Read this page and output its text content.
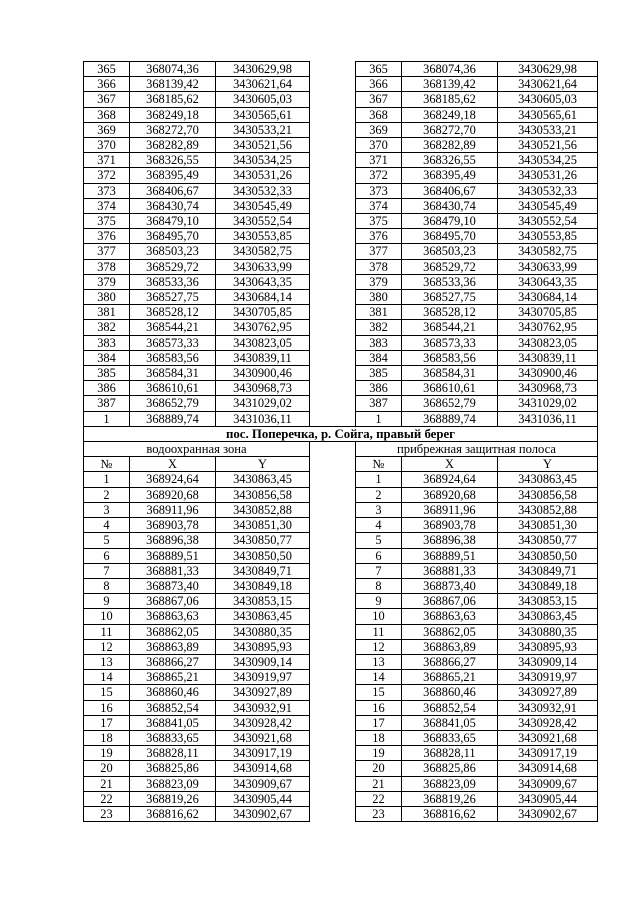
365	368074,36	3430629,98		365	368074,36	3430629,98
366	368139,42	3430621,64		366	368139,42	3430621,64
367	368185,62	3430605,03		367	368185,62	3430605,03
368	368249,18	3430565,61		368	368249,18	3430565,61
369	368272,70	3430533,21		369	368272,70	3430533,21
370	368282,89	3430521,56		370	368282,89	3430521,56
371	368326,55	3430534,25		371	368326,55	3430534,25
372	368395,49	3430531,26		372	368395,49	3430531,26
373	368406,67	3430532,33		373	368406,67	3430532,33
374	368430,74	3430545,49		374	368430,74	3430545,49
375	368479,10	3430552,54		375	368479,10	3430552,54
376	368495,70	3430553,85		376	368495,70	3430553,85
377	368503,23	3430582,75		377	368503,23	3430582,75
378	368529,72	3430633,99		378	368529,72	3430633,99
379	368533,36	3430643,35		379	368533,36	3430643,35
380	368527,75	3430684,14		380	368527,75	3430684,14
381	368528,12	3430705,85		381	368528,12	3430705,85
382	368544,21	3430762,95		382	368544,21	3430762,95
383	368573,33	3430823,05		383	368573,33	3430823,05
384	368583,56	3430839,11		384	368583,56	3430839,11
385	368584,31	3430900,46		385	368584,31	3430900,46
386	368610,61	3430968,73		386	368610,61	3430968,73
387	368652,79	3431029,02		387	368652,79	3431029,02
1	368889,74	3431036,11		1	368889,74	3431036,11
пос. Поперечка, р. Сойга, правый берег						
водоохранная зона				прибрежная защитная полоса		
№	X	Y		№	X	Y
1	368924,64	3430863,45		1	368924,64	3430863,45
2	368920,68	3430856,58		2	368920,68	3430856,58
3	368911,96	3430852,88		3	368911,96	3430852,88
4	368903,78	3430851,30		4	368903,78	3430851,30
5	368896,38	3430850,77		5	368896,38	3430850,77
6	368889,51	3430850,50		6	368889,51	3430850,50
7	368881,33	3430849,71		7	368881,33	3430849,71
8	368873,40	3430849,18		8	368873,40	3430849,18
9	368867,06	3430853,15		9	368867,06	3430853,15
10	368863,63	3430863,45		10	368863,63	3430863,45
11	368862,05	3430880,35		11	368862,05	3430880,35
12	368863,89	3430895,93		12	368863,89	3430895,93
13	368866,27	3430909,14		13	368866,27	3430909,14
14	368865,21	3430919,97		14	368865,21	3430919,97
15	368860,46	3430927,89		15	368860,46	3430927,89
16	368852,54	3430932,91		16	368852,54	3430932,91
17	368841,05	3430928,42		17	368841,05	3430928,42
18	368833,65	3430921,68		18	368833,65	3430921,68
19	368828,11	3430917,19		19	368828,11	3430917,19
20	368825,86	3430914,68		20	368825,86	3430914,68
21	368823,09	3430909,67		21	368823,09	3430909,67
22	368819,26	3430905,44		22	368819,26	3430905,44
23	368816,62	3430902,67		23	368816,62	3430902,67
